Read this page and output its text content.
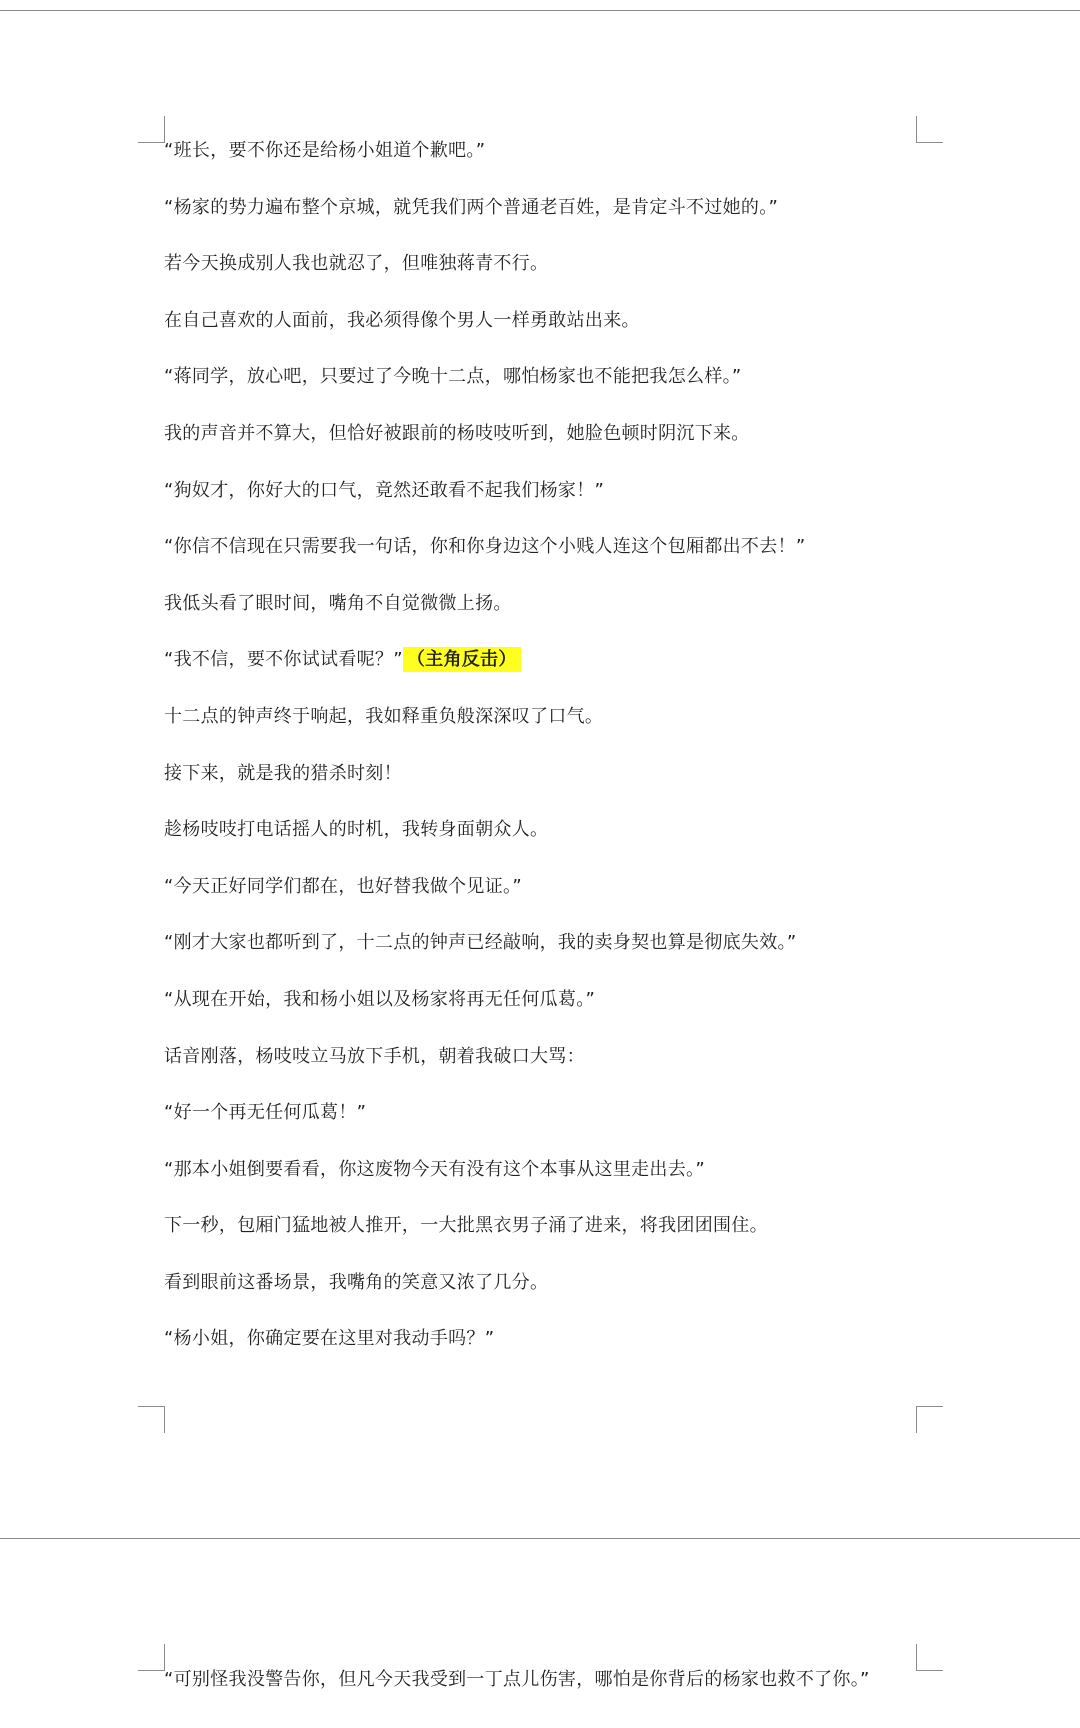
“班长，要不你还是给杨小姐道个歉吧。”

“杨家的势力遍布整个京城，就凭我们两个普通老百姓，是肯定斗不过她的。”

若今天换成别人我也就忍了，但唯独蒋青不行。

在自己喜欢的人面前，我必须得像个男人一样勇敢站出来。

“蒋同学，放心吧，只要过了今晚十二点，哪怕杨家也不能把我怎么样。”

我的声音并不算大，但恰好被跟前的杨吱吱听到，她脸色顿时阴沉下来。

“狗奴才，你好大的口气，竟然还敢看不起我们杨家！”

“你信不信现在只需要我一句话，你和你身边这个小贱人连这个包厢都出不去！”

我低头看了眼时间，嘴角不自觉微微上扬。

“我不信，要不你试试看呢？” （主角反击）

十二点的钟声终于响起，我如释重负般深深叹了口气。

接下来，就是我的猎杀时刻！

趁杨吱吱打电话摇人的时机，我转身面朝众人。

“今天正好同学们都在，也好替我做个见证。”

“刚才大家也都听到了，十二点的钟声已经敲响，我的卖身契也算是彻底失效。”

“从现在开始，我和杨小姐以及杨家将再无任何瓜葛。”

话音刚落，杨吱吱立马放下手机，朝着我破口大骂：

“好一个再无任何瓜葛！”

“那本小姐倒要看看，你这废物今天有没有这个本事从这里走出去。”

下一秒，包厢门猛地被人推开，一大批黑衣男子涌了进来，将我团团围住。

看到眼前这番场景，我嘴角的笑意又浓了几分。

“杨小姐，你确定要在这里对我动手吗？”

“可别怪我没警告你，但凡今天我受到一丁点儿伤害，哪怕是你背后的杨家也救不了你。”
